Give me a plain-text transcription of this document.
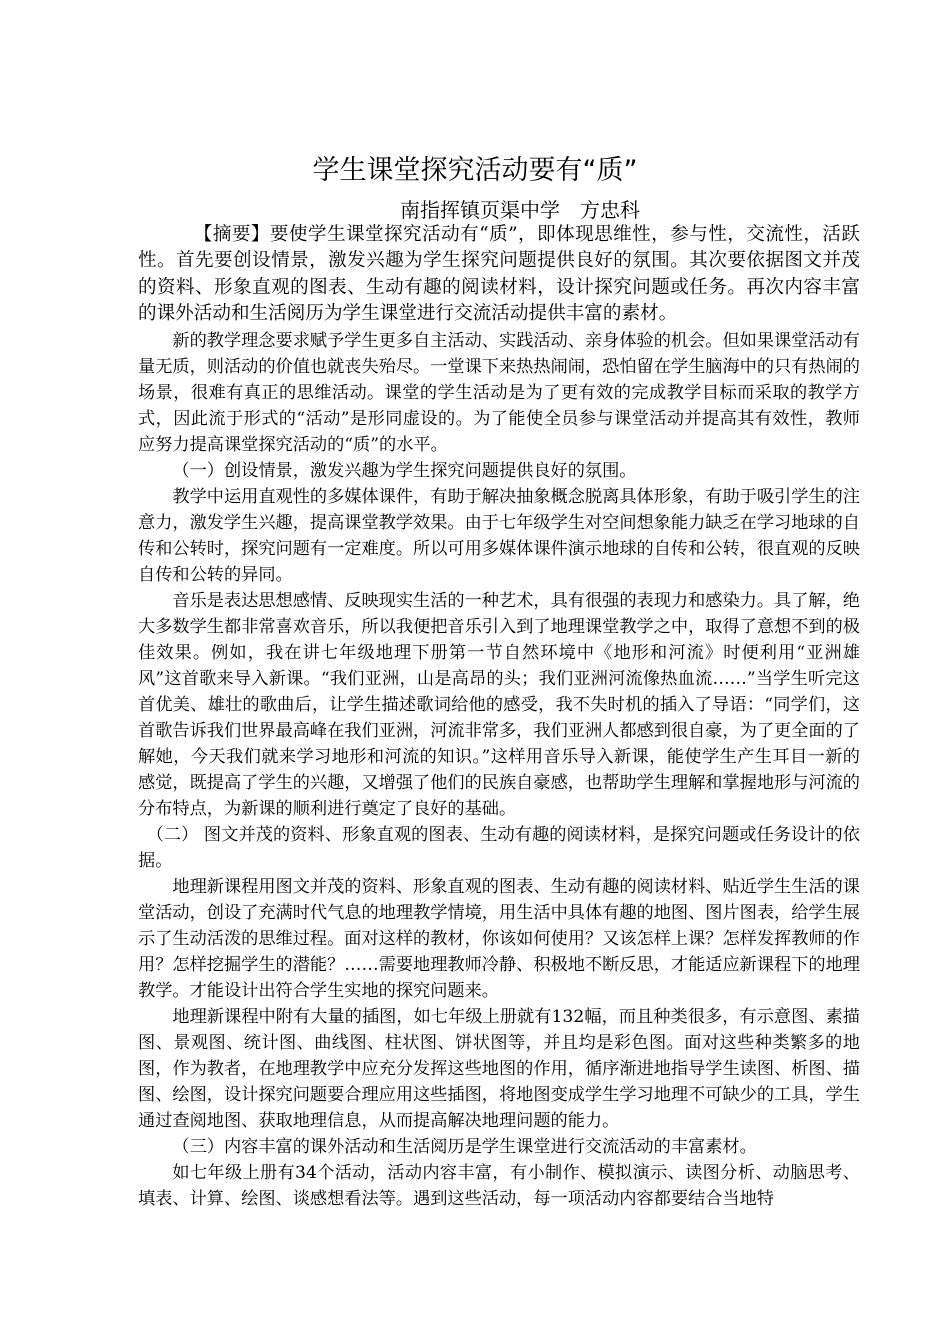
学生课堂探究活动要有“质”
南指挥镇页渠中学　方忠科

【摘要】要使学生课堂探究活动有“质”，即体现思维性，参与性，交流性，活跃性。首先要创设情景，激发兴趣为学生探究问题提供良好的氛围。其次要依据图文并茂的资料、形象直观的图表、生动有趣的阅读材料，设计探究问题或任务。再次内容丰富的课外活动和生活阅历为学生课堂进行交流活动提供丰富的素材。

新的教学理念要求赋予学生更多自主活动、实践活动、亲身体验的机会。但如果课堂活动有量无质，则活动的价值也就丧失殆尽。一堂课下来热热闹闹，恐怕留在学生脑海中的只有热闹的场景，很难有真正的思维活动。课堂的学生活动是为了更有效的完成教学目标而采取的教学方式，因此流于形式的“活动”是形同虚设的。为了能使全员参与课堂活动并提高其有效性，教师应努力提高课堂探究活动的“质”的水平。

（一）创设情景，激发兴趣为学生探究问题提供良好的氛围。

教学中运用直观性的多媒体课件，有助于解决抽象概念脱离具体形象，有助于吸引学生的注意力，激发学生兴趣，提高课堂教学效果。由于七年级学生对空间想象能力缺乏在学习地球的自传和公转时，探究问题有一定难度。所以可用多媒体课件演示地球的自传和公转，很直观的反映自传和公转的异同。

音乐是表达思想感情、反映现实生活的一种艺术，具有很强的表现力和感染力。具了解，绝大多数学生都非常喜欢音乐，所以我便把音乐引入到了地理课堂教学之中，取得了意想不到的极佳效果。例如，我在讲七年级地理下册第一节自然环境中《地形和河流》时便利用“亚洲雄风”这首歌来导入新课。“我们亚洲，山是高昂的头；我们亚洲河流像热血流……”当学生听完这首优美、雄壮的歌曲后，让学生描述歌词给他的感受，我不失时机的插入了导语：“同学们，这首歌告诉我们世界最高峰在我们亚洲，河流非常多，我们亚洲人都感到很自豪，为了更全面的了解她，今天我们就来学习地形和河流的知识。”这样用音乐导入新课，能使学生产生耳目一新的感觉，既提高了学生的兴趣，又增强了他们的民族自豪感，也帮助学生理解和掌握地形与河流的分布特点，为新课的顺利进行奠定了良好的基础。

（二） 图文并茂的资料、形象直观的图表、生动有趣的阅读材料，是探究问题或任务设计的依据。

地理新课程用图文并茂的资料、形象直观的图表、生动有趣的阅读材料、贴近学生生活的课堂活动，创设了充满时代气息的地理教学情境，用生活中具体有趣的地图、图片图表，给学生展示了生动活泼的思维过程。面对这样的教材，你该如何使用？又该怎样上课？怎样发挥教师的作用？怎样挖掘学生的潜能？……需要地理教师冷静、积极地不断反思，才能适应新课程下的地理教学。才能设计出符合学生实地的探究问题来。

地理新课程中附有大量的插图，如七年级上册就有132幅，而且种类很多，有示意图、素描图、景观图、统计图、曲线图、柱状图、饼状图等，并且均是彩色图。面对这些种类繁多的地图，作为教者，在地理教学中应充分发挥这些地图的作用，循序渐进地指导学生读图、析图、描图、绘图，设计探究问题要合理应用这些插图，将地图变成学生学习地理不可缺少的工具，学生通过查阅地图、获取地理信息，从而提高解决地理问题的能力。

（三）内容丰富的课外活动和生活阅历是学生课堂进行交流活动的丰富素材。

如七年级上册有34个活动，活动内容丰富，有小制作、模拟演示、读图分析、动脑思考、填表、计算、绘图、谈感想看法等。遇到这些活动，每一项活动内容都要结合当地特
